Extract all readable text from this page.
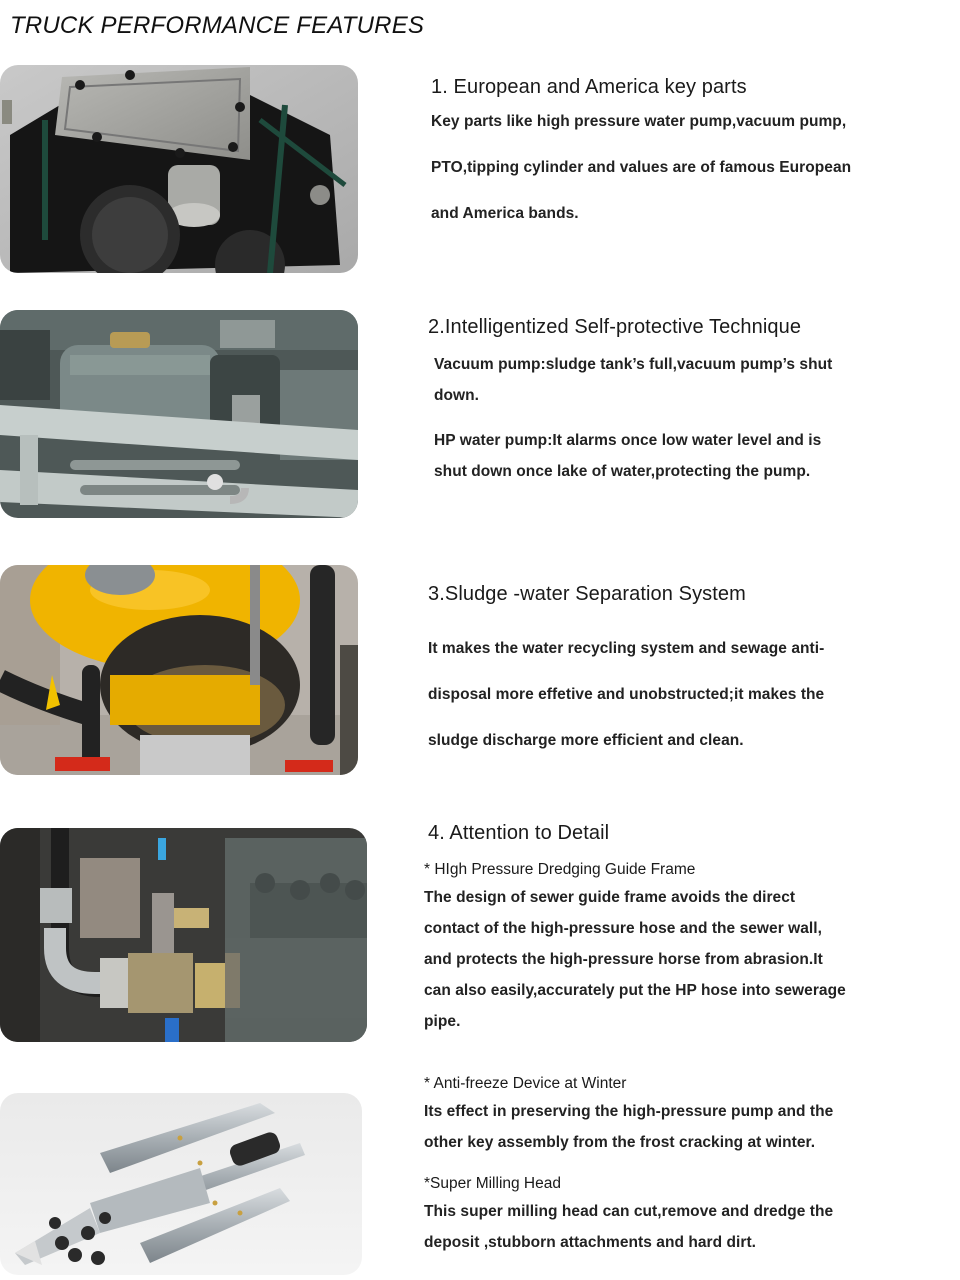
TRUCK PERFORMANCE FEATURES
1. European and America key parts

Key parts like high pressure water pump,vacuum pump,

PTO,tipping cylinder and values are of famous European

and America bands.

2.Intelligentized Self-protective Technique

Vacuum pump:sludge tank’s full,vacuum pump’s shut

down.

HP water pump:It alarms once low water level and is

shut down once lake of water,protecting the pump.

3.Sludge -water Separation System

It makes the water recycling system and sewage anti-

disposal more effetive and unobstructed;it makes the

sludge discharge more efficient and clean.

4. Attention to Detail

* HIgh Pressure Dredging Guide Frame

The design of sewer guide frame avoids the direct

contact of the high-pressure hose and the sewer wall,

and protects the high-pressure horse from abrasion.It

can also easily,accurately put the HP hose into sewerage

pipe.

* Anti-freeze Device at Winter

Its effect in preserving the high-pressure pump and the

other key assembly from the frost cracking at winter.

*Super Milling Head

This super milling head can cut,remove and dredge the

deposit ,stubborn attachments and hard dirt.
